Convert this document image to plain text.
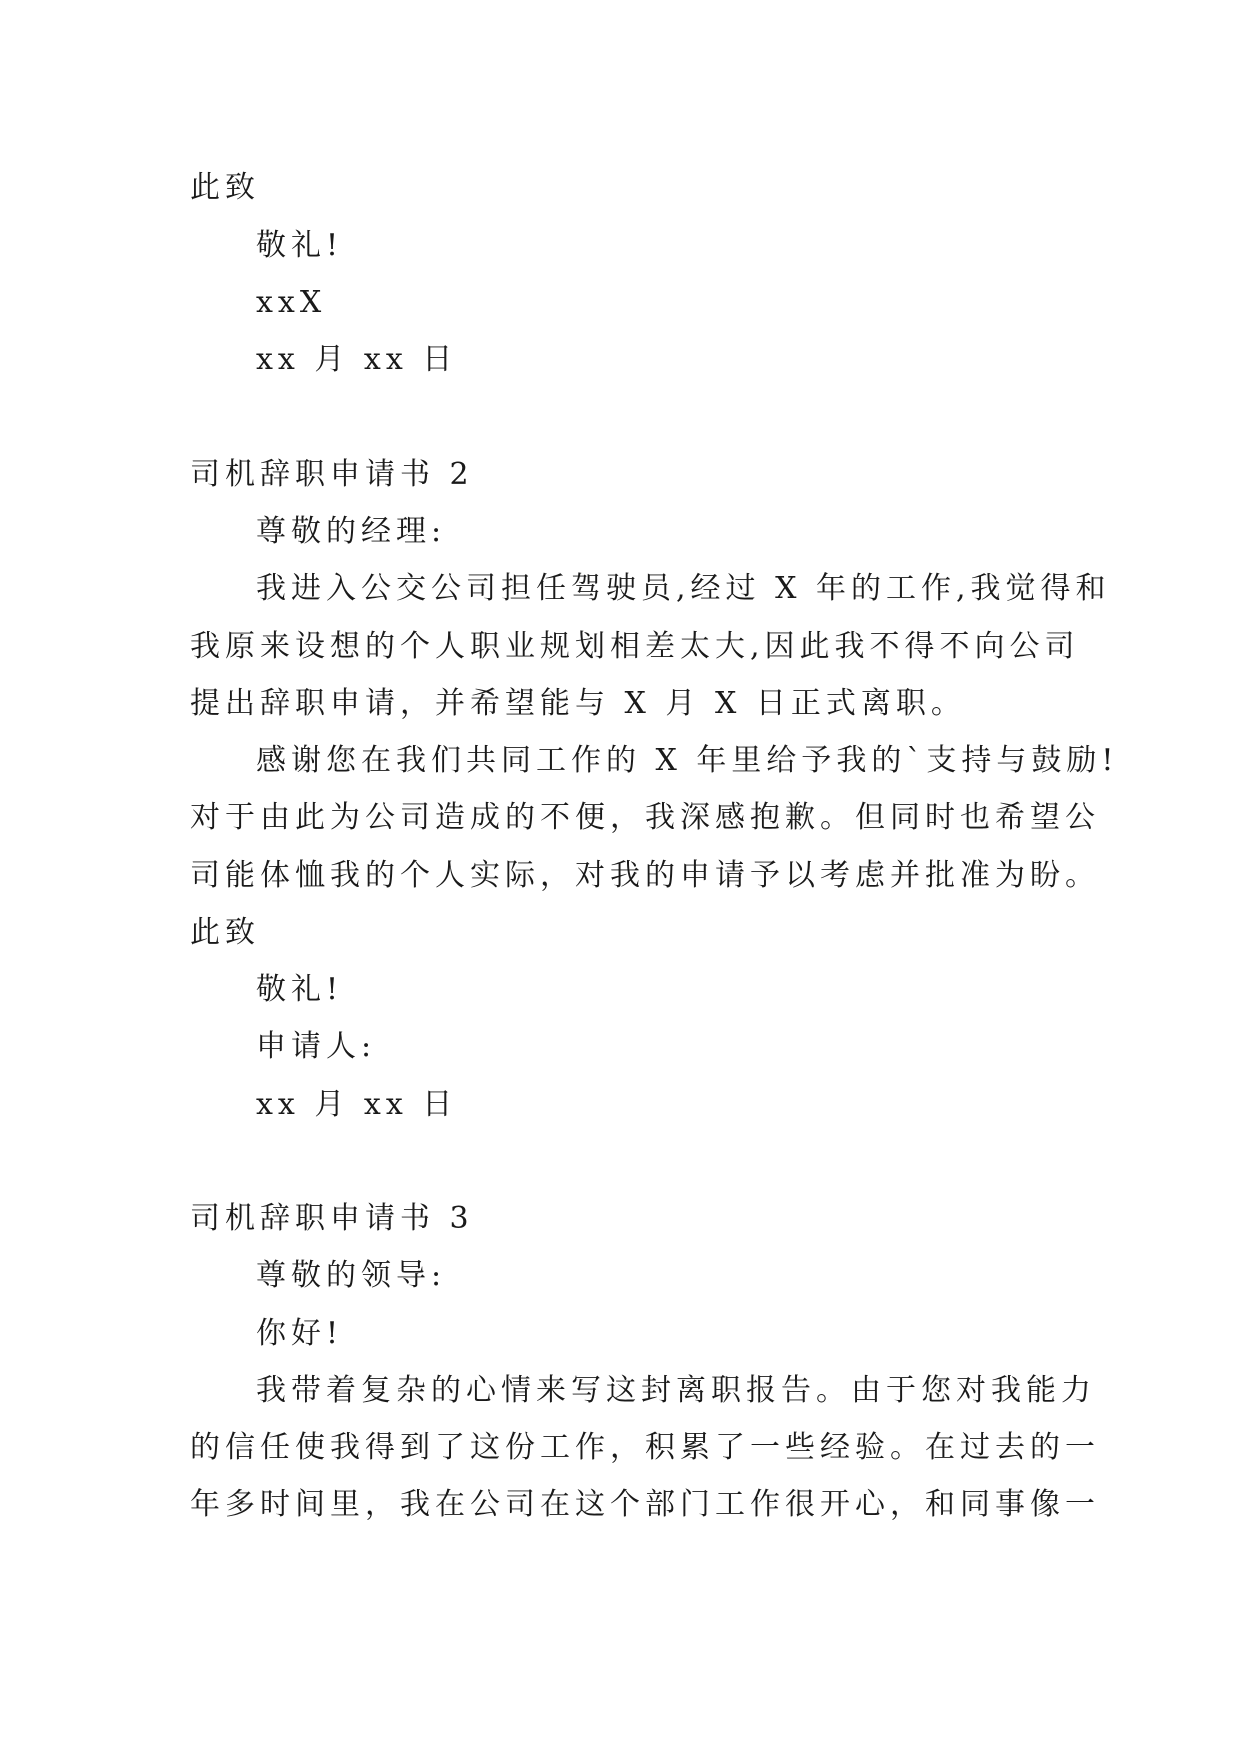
此致
敬礼!
xxX
xx 月 xx 日
司机辞职申请书 2
尊敬的经理:
我进入公交公司担任驾驶员,经过 X 年的工作,我觉得和
我原来设想的个人职业规划相差太大,因此我不得不向公司
提出辞职申请，并希望能与 X 月 X 日正式离职。
感谢您在我们共同工作的 X 年里给予我的`支持与鼓励!
对于由此为公司造成的不便，我深感抱歉。但同时也希望公
司能体恤我的个人实际，对我的申请予以考虑并批准为盼。
此致
敬礼!
申请人:
xx 月 xx 日
司机辞职申请书 3
尊敬的领导:
你好!
我带着复杂的心情来写这封离职报告。由于您对我能力
的信任使我得到了这份工作，积累了一些经验。在过去的一
年多时间里，我在公司在这个部门工作很开心，和同事像一
